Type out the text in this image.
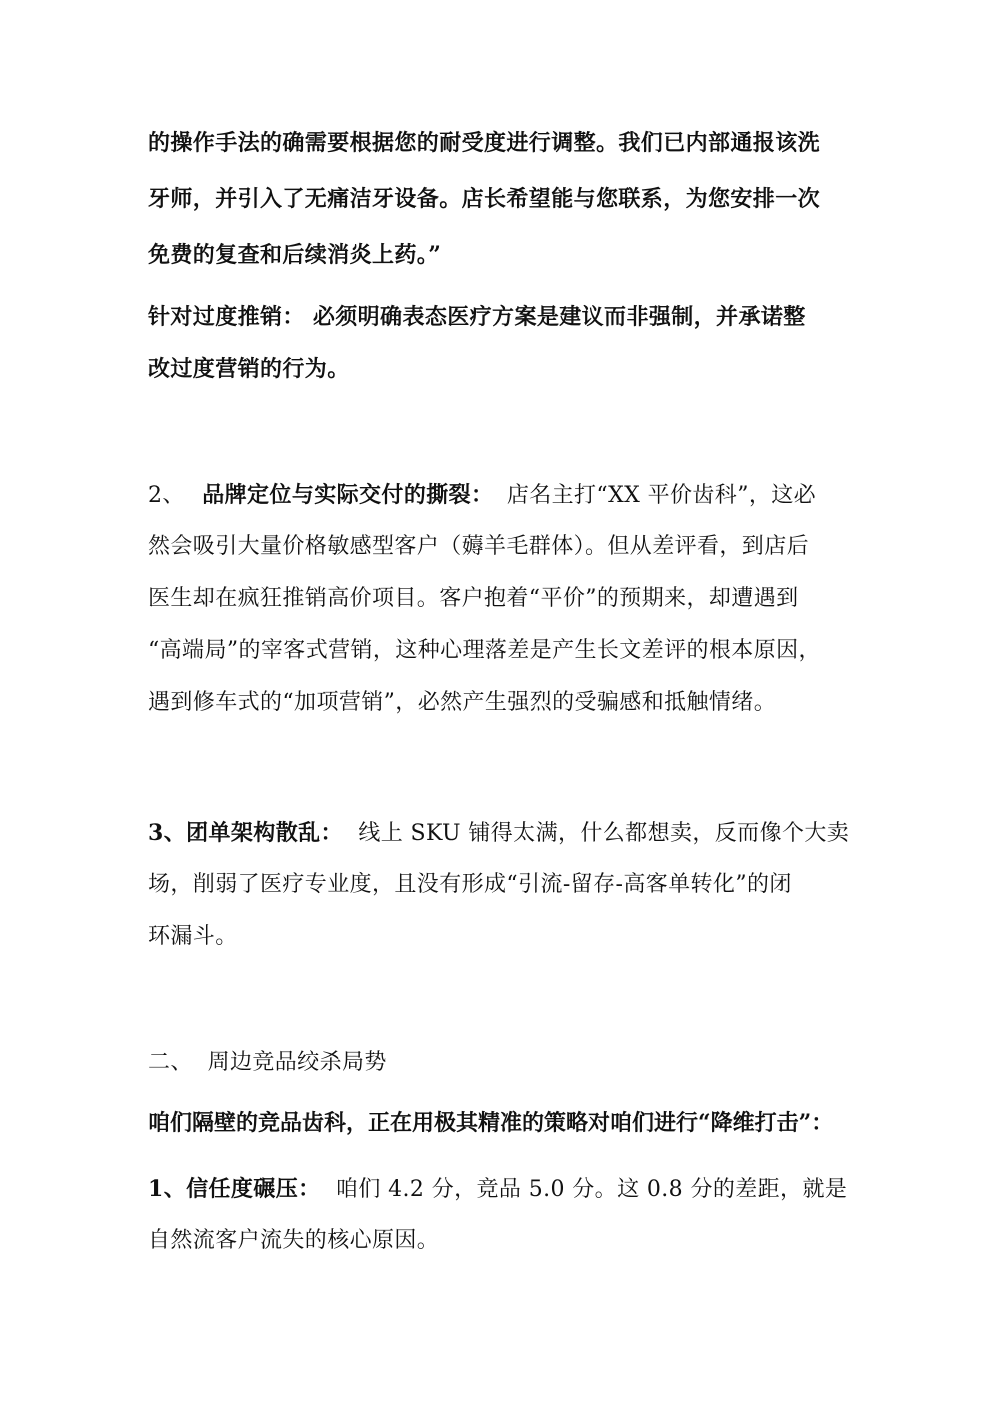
的操作手法的确需要根据您的耐受度进行调整。我们已内部通报该洗
牙师，并引入了无痛洁牙设备。店长希望能与您联系，为您安排一次
免费的复查和后续消炎上药。”
针对过度推销： 必须明确表态医疗方案是建议而非强制，并承诺整
改过度营销的行为。
2、 品牌定位与实际交付的撕裂： 店名主打“XX 平价齿科”，这必
然会吸引大量价格敏感型客户（薅羊毛群体）。但从差评看，到店后
医生却在疯狂推销高价项目。客户抱着“平价”的预期来，却遭遇到
“高端局”的宰客式营销，这种心理落差是产生长文差评的根本原因，
遇到修车式的“加项营销”，必然产生强烈的受骗感和抵触情绪。
3、团单架构散乱： 线上 SKU 铺得太满，什么都想卖，反而像个大卖
场，削弱了医疗专业度，且没有形成“引流-留存-高客单转化”的闭
环漏斗。
二、  周边竞品绞杀局势
咱们隔壁的竞品齿科，正在用极其精准的策略对咱们进行“降维打击”：
1、信任度碾压： 咱们 4.2 分，竞品 5.0 分。这 0.8 分的差距，就是
自然流客户流失的核心原因。
